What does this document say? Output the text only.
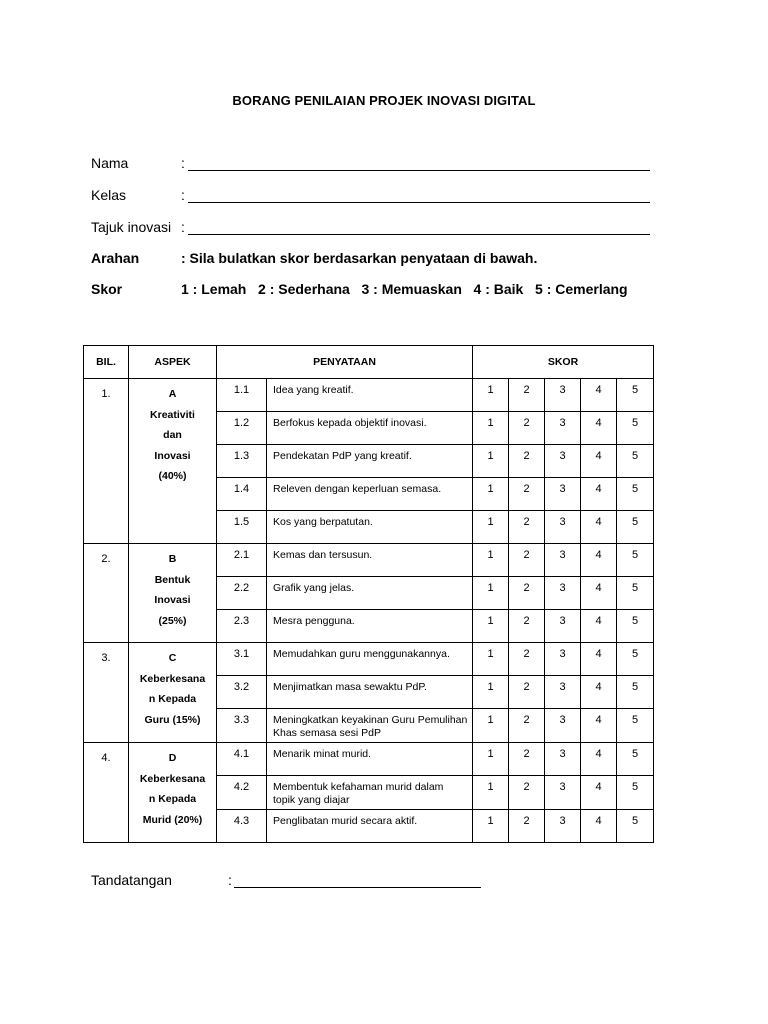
BORANG PENILAIAN PROJEK INOVASI DIGITAL
Nama	:
Kelas	:
Tajuk inovasi :
Arahan	: Sila bulatkan skor berdasarkan penyataan di bawah.
Skor	1 : Lemah   2 : Sederhana   3 : Memuaskan   4 : Baik   5 : Cemerlang
BIL.	ASPEK	PENYATAAN		SKOR				
1.	A
Kreativiti
dan
Inovasi
(40%)	1.1	Idea yang kreatif.	1	2	3	4	5
		1.2	Berfokus kepada objektif inovasi.	1	2	3	4	5
		1.3	Pendekatan PdP yang kreatif.	1	2	3	4	5
		1.4	Releven dengan keperluan semasa.	1	2	3	4	5
		1.5	Kos yang berpatutan.	1	2	3	4	5
2.	B
Bentuk
Inovasi
(25%)	2.1	Kemas dan tersusun.	1	2	3	4	5
		2.2	Grafik yang jelas.	1	2	3	4	5
		2.3	Mesra pengguna.	1	2	3	4	5
3.	C
Keberkesana
n Kepada
Guru (15%)	3.1	Memudahkan guru menggunakannya.	1	2	3	4	5
		3.2	Menjimatkan masa sewaktu PdP.	1	2	3	4	5
		3.3	Meningkatkan keyakinan Guru Pemulihan Khas semasa sesi PdP	1	2	3	4	5
4.	D
Keberkesana
n Kepada
Murid (20%)	4.1	Menarik minat murid.	1	2	3	4	5
		4.2	Membentuk kefahaman murid dalam topik yang diajar	1	2	3	4	5
		4.3	Penglibatan murid secara aktif.	1	2	3	4	5
Tandatangan	:
